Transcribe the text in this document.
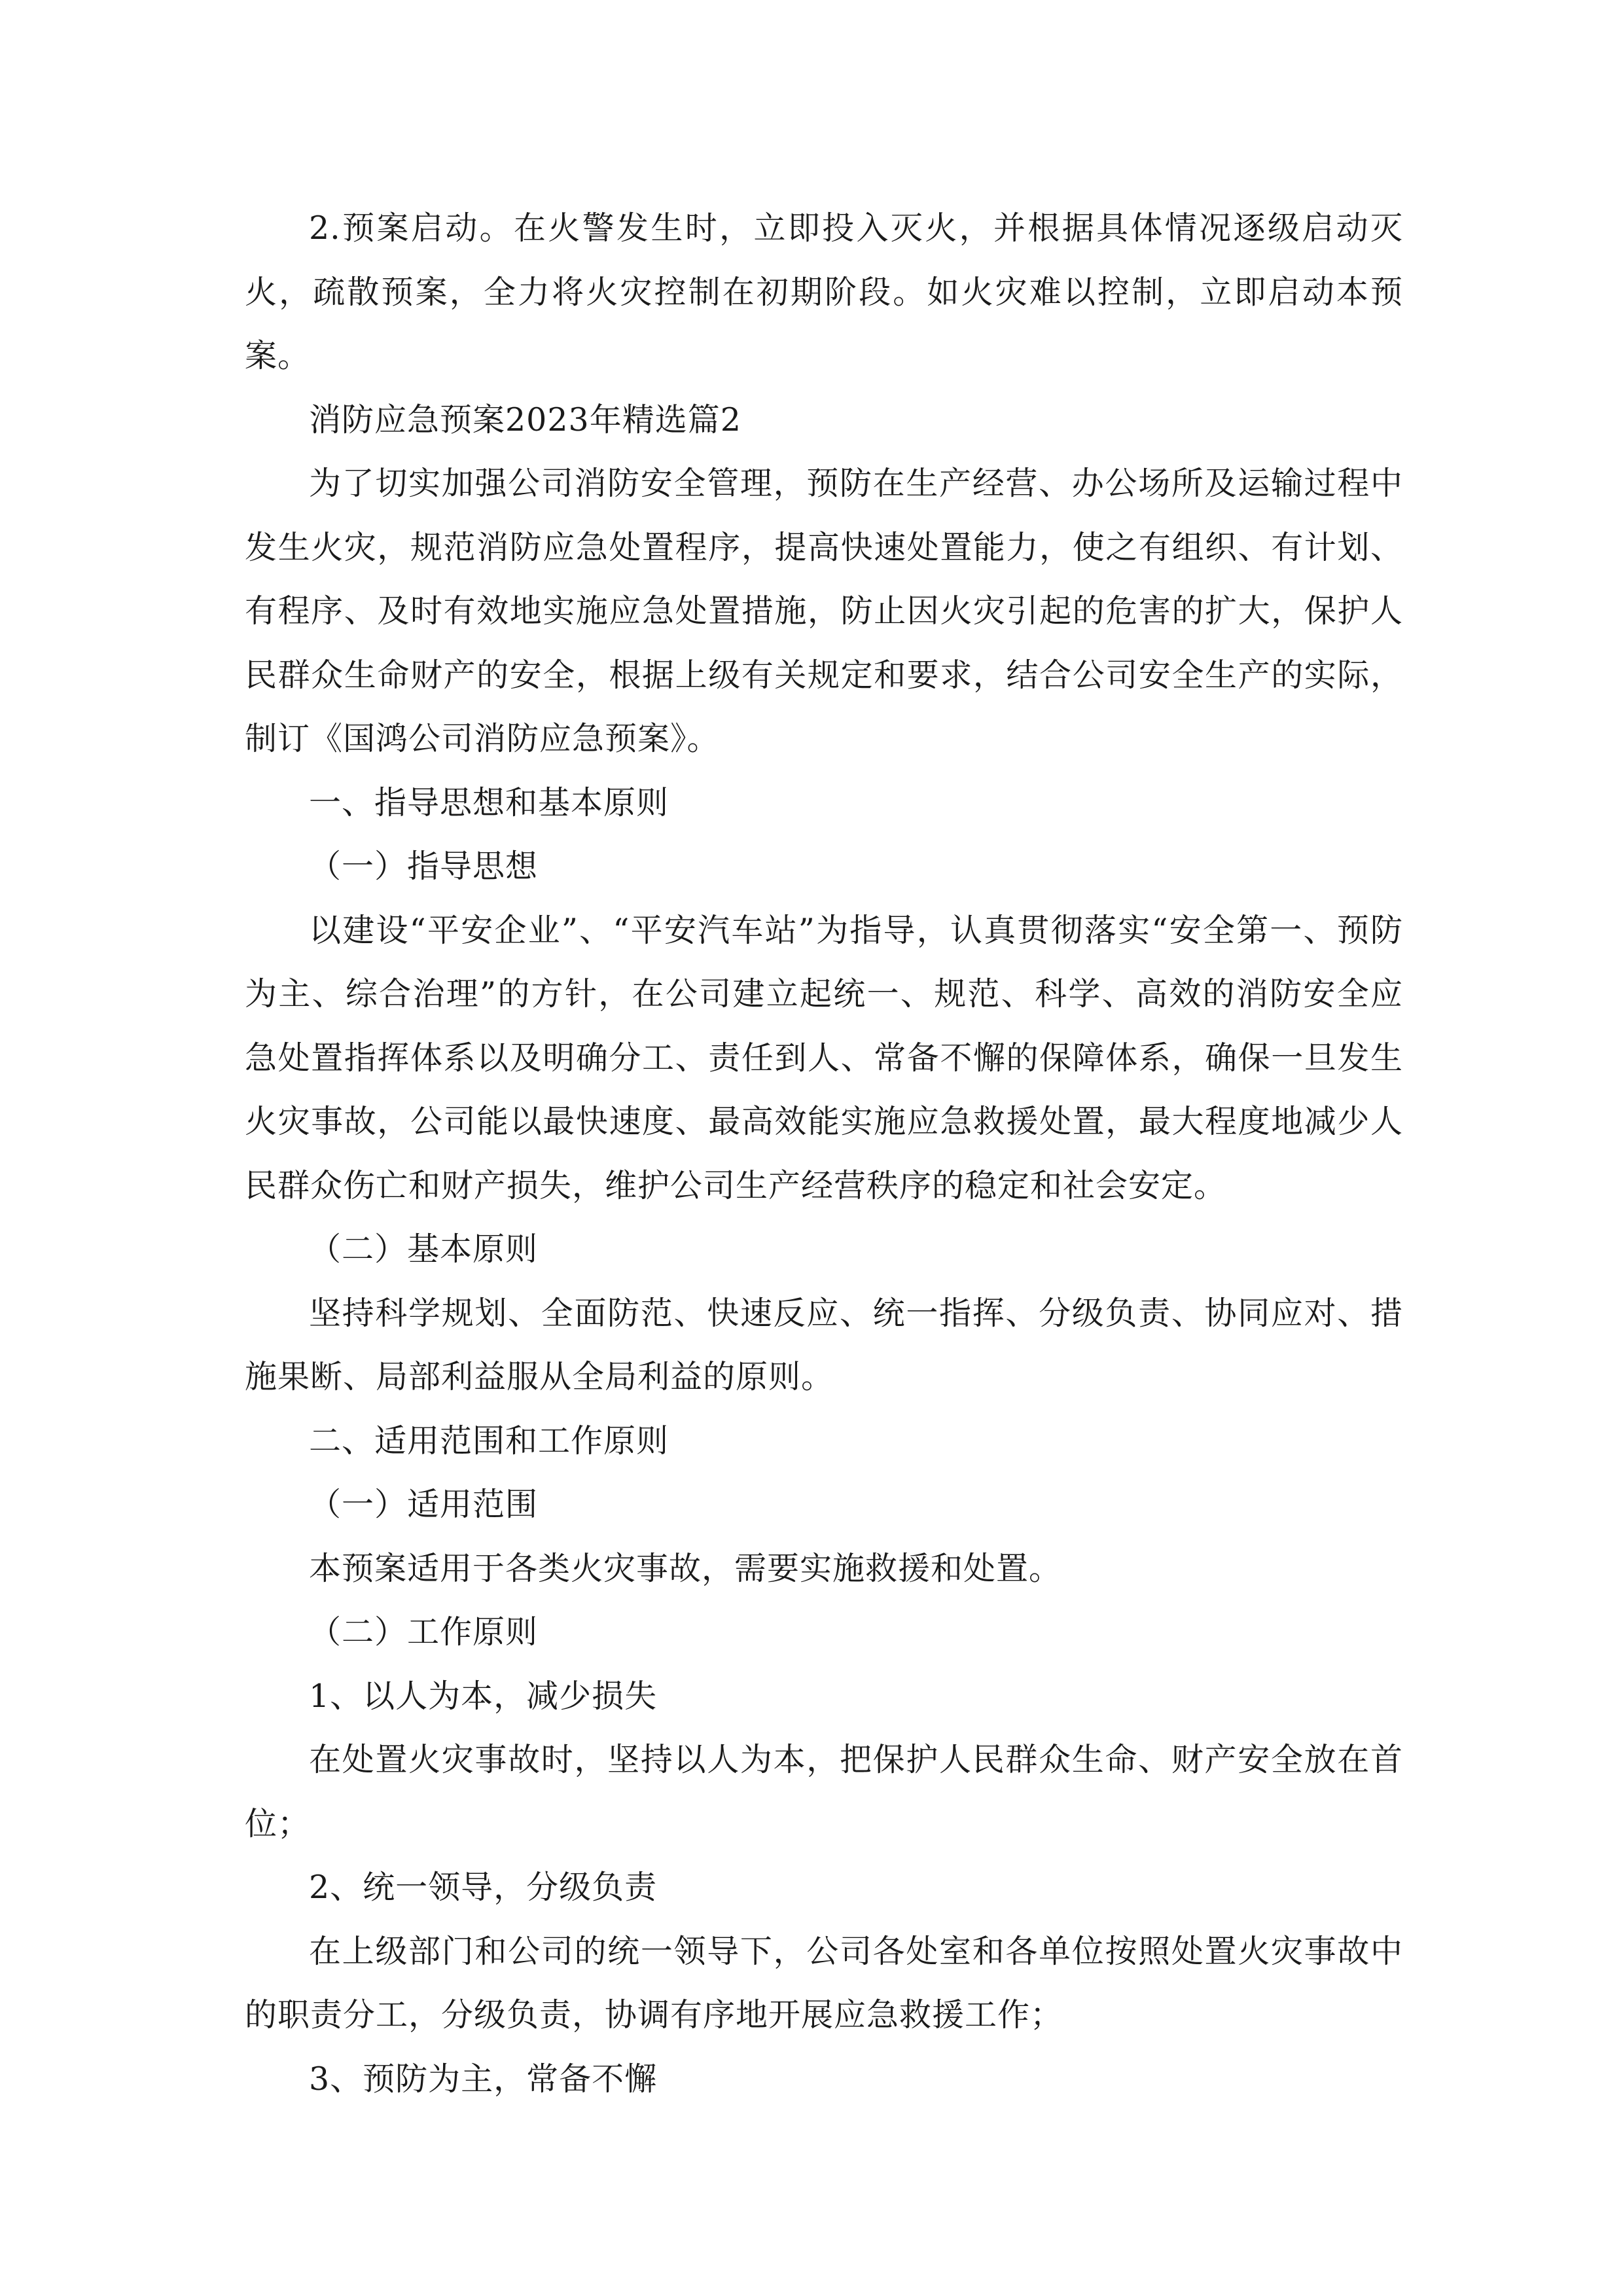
2.预案启动。在火警发生时，立即投入灭火，并根据具体情况逐级启动灭火，疏散预案，全力将火灾控制在初期阶段。如火灾难以控制，立即启动本预案。

消防应急预案2023年精选篇2

为了切实加强公司消防安全管理，预防在生产经营、办公场所及运输过程中发生火灾，规范消防应急处置程序，提高快速处置能力，使之有组织、有计划、有程序、及时有效地实施应急处置措施，防止因火灾引起的危害的扩大，保护人民群众生命财产的安全，根据上级有关规定和要求，结合公司安全生产的实际，制订《国鸿公司消防应急预案》。

一、指导思想和基本原则

（一）指导思想

以建设“平安企业”、“平安汽车站”为指导，认真贯彻落实“安全第一、预防为主、综合治理”的方针，在公司建立起统一、规范、科学、高效的消防安全应急处置指挥体系以及明确分工、责任到人、常备不懈的保障体系，确保一旦发生火灾事故，公司能以最快速度、最高效能实施应急救援处置，最大程度地减少人民群众伤亡和财产损失，维护公司生产经营秩序的稳定和社会安定。

（二）基本原则

坚持科学规划、全面防范、快速反应、统一指挥、分级负责、协同应对、措施果断、局部利益服从全局利益的原则。

二、适用范围和工作原则

（一）适用范围

本预案适用于各类火灾事故，需要实施救援和处置。

（二）工作原则

1、以人为本，减少损失

在处置火灾事故时，坚持以人为本，把保护人民群众生命、财产安全放在首位；

2、统一领导，分级负责

在上级部门和公司的统一领导下，公司各处室和各单位按照处置火灾事故中的职责分工，分级负责，协调有序地开展应急救援工作；

3、预防为主，常备不懈
